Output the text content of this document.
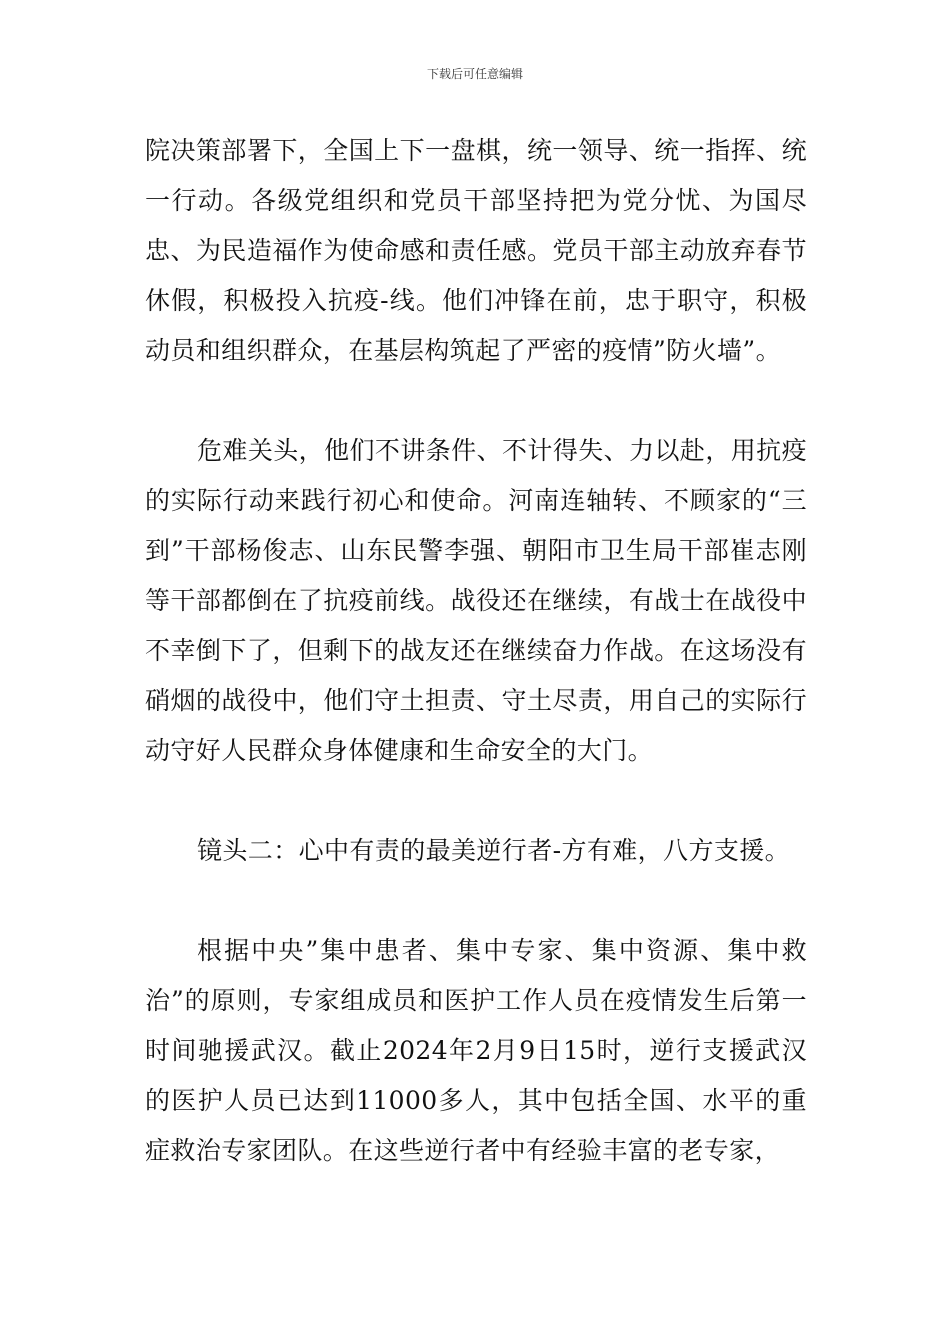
下载后可任意编辑

院决策部署下，全国上下一盘棋，统一领导、统一指挥、统一行动。各级党组织和党员干部坚持把为党分忧、为国尽忠、为民造福作为使命感和责任感。党员干部主动放弃春节休假，积极投入抗疫-线。他们冲锋在前，忠于职守，积极动员和组织群众，在基层构筑起了严密的疫情”防火墙”。

危难关头，他们不讲条件、不计得失、力以赴，用抗疫的实际行动来践行初心和使命。河南连轴转、不顾家的“三到”干部杨俊志、山东民警李强、朝阳市卫生局干部崔志刚等干部都倒在了抗疫前线。战役还在继续，有战士在战役中不幸倒下了，但剩下的战友还在继续奋力作战。在这场没有硝烟的战役中，他们守土担责、守土尽责，用自己的实际行动守好人民群众身体健康和生命安全的大门。

镜头二：心中有责的最美逆行者-方有难，八方支援。

根据中央”集中患者、集中专家、集中资源、集中救治”的原则，专家组成员和医护工作人员在疫情发生后第一时间驰援武汉。截止2024年2月9日15时，逆行支援武汉的医护人员已达到11000多人，其中包括全国、水平的重症救治专家团队。在这些逆行者中有经验丰富的老专家，
